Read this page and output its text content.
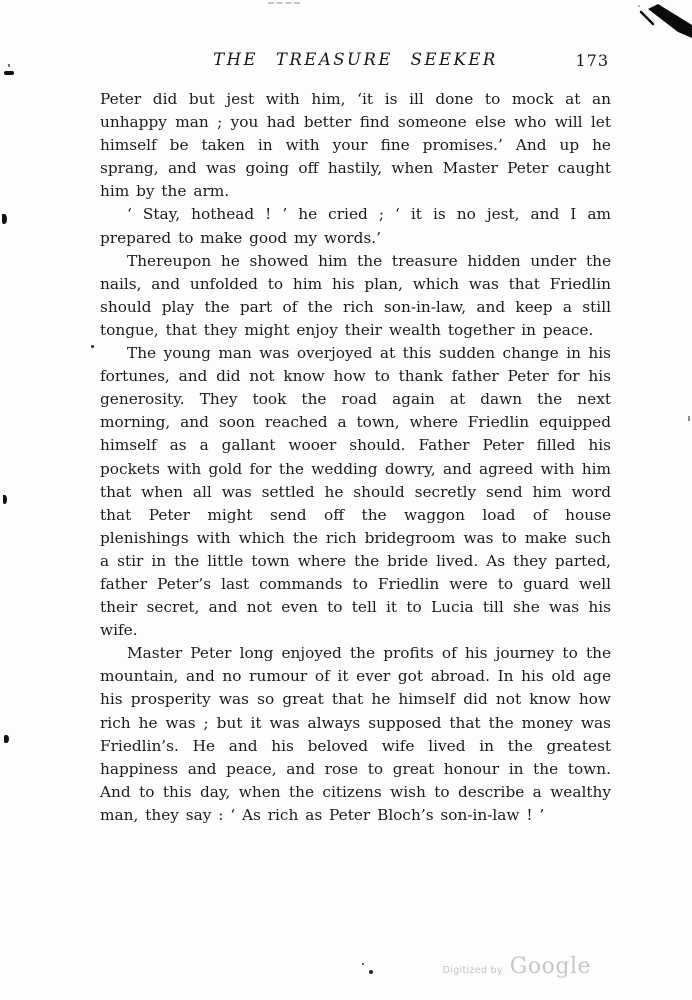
THE TREASURE SEEKER	173

Peter did but jest with him, ‘it is ill done to mock at an unhappy man ; you had better find someone else who will let himself be taken in with your fine promises.’ And up he sprang, and was going off hastily, when Master Peter caught him by the arm.

‘ Stay, hothead ! ’ he cried ; ‘ it is no jest, and I am prepared to make good my words.’

Thereupon he showed him the treasure hidden under the nails, and unfolded to him his plan, which was that Friedlin should play the part of the rich son-in-law, and keep a still tongue, that they might enjoy their wealth together in peace.

The young man was overjoyed at this sudden change in his fortunes, and did not know how to thank father Peter for his generosity. They took the road again at dawn the next morning, and soon reached a town, where Friedlin equipped himself as a gallant wooer should. Father Peter filled his pockets with gold for the wedding dowry, and agreed with him that when all was settled he should secretly send him word that Peter might send off the waggon load of house plenishings with which the rich bridegroom was to make such a stir in the little town where the bride lived. As they parted, father Peter’s last commands to Friedlin were to guard well their secret, and not even to tell it to Lucia till she was his wife.

Master Peter long enjoyed the profits of his journey to the mountain, and no rumour of it ever got abroad. In his old age his prosperity was so great that he himself did not know how rich he was ; but it was always supposed that the money was Friedlin’s. He and his beloved wife lived in the greatest happiness and peace, and rose to great honour in the town. And to this day, when the citizens wish to describe a wealthy man, they say : ‘ As rich as Peter Bloch’s son-in-law ! ’

Digitized by Google
